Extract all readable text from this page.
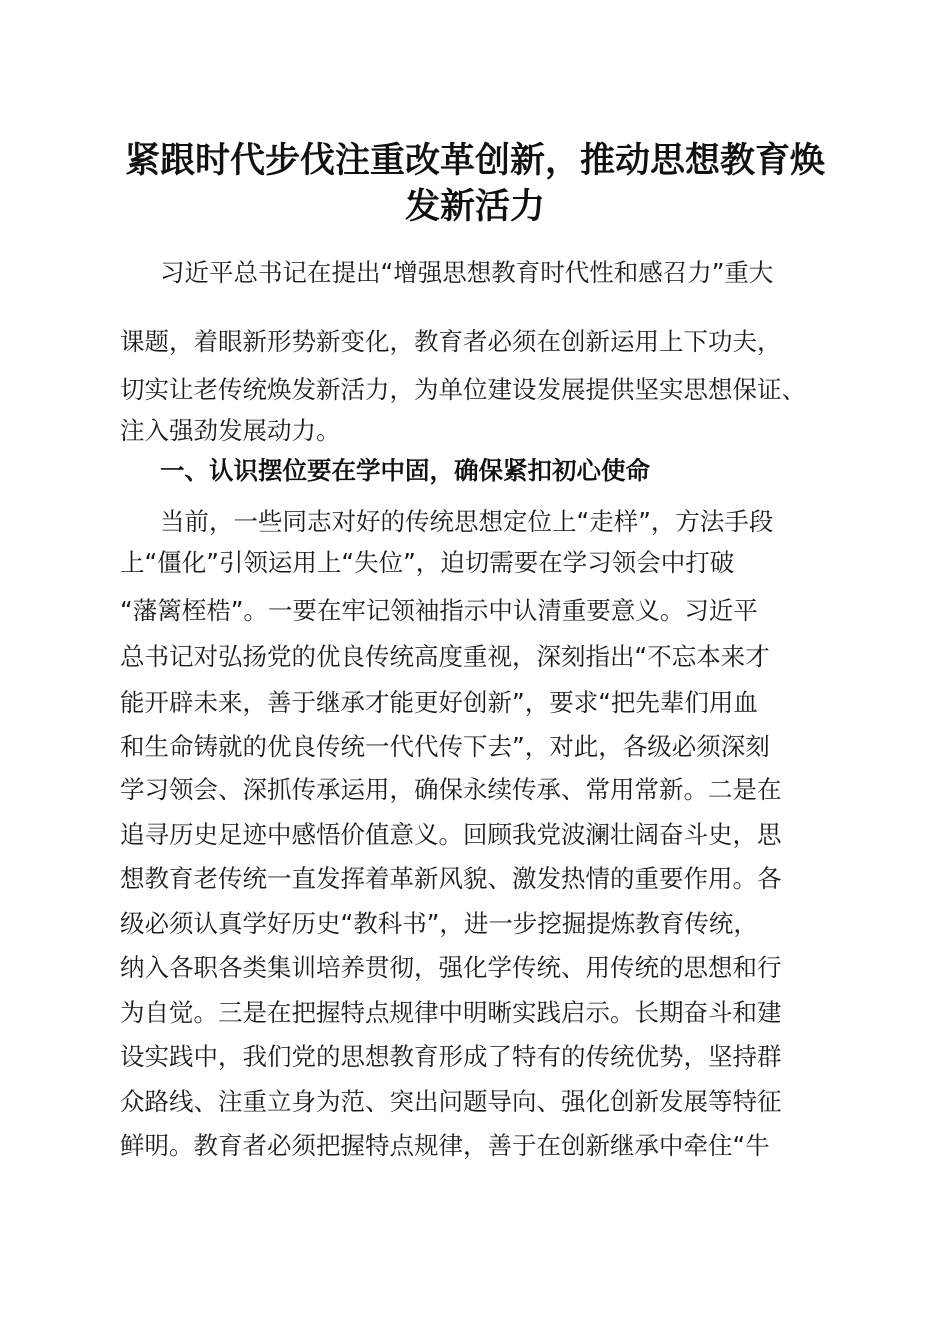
紧跟时代步伐注重改革创新，推动思想教育焕
发新活力

习近平总书记在提出“增强思想教育时代性和感召力”重大

课题，着眼新形势新变化，教育者必须在创新运用上下功夫，

切实让老传统焕发新活力，为单位建设发展提供坚实思想保证、

注入强劲发展动力。

一、认识摆位要在学中固，确保紧扣初心使命

当前，一些同志对好的传统思想定位上“走样”，方法手段

上“僵化”引领运用上“失位”，迫切需要在学习领会中打破

“藩篱桎梏”。一要在牢记领袖指示中认清重要意义。习近平

总书记对弘扬党的优良传统高度重视，深刻指出“不忘本来才

能开辟未来，善于继承才能更好创新”，要求“把先辈们用血

和生命铸就的优良传统一代代传下去”，对此，各级必须深刻

学习领会、深抓传承运用，确保永续传承、常用常新。二是在

追寻历史足迹中感悟价值意义。回顾我党波澜壮阔奋斗史，思

想教育老传统一直发挥着革新风貌、激发热情的重要作用。各

级必须认真学好历史“教科书”，进一步挖掘提炼教育传统，

纳入各职各类集训培养贯彻，强化学传统、用传统的思想和行

为自觉。三是在把握特点规律中明晰实践启示。长期奋斗和建

设实践中，我们党的思想教育形成了特有的传统优势，坚持群

众路线、注重立身为范、突出问题导向、强化创新发展等特征

鲜明。教育者必须把握特点规律，善于在创新继承中牵住“牛
